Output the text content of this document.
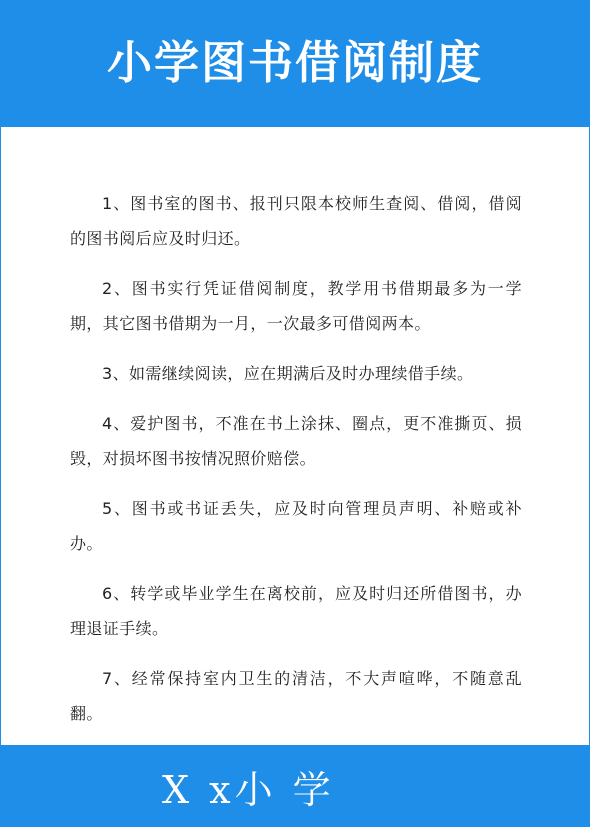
小学图书借阅制度
1、图书室的图书、报刊只限本校师生查阅、借阅，借阅的图书阅后应及时归还。
2、图书实行凭证借阅制度，教学用书借期最多为一学期，其它图书借期为一月，一次最多可借阅两本。
3、如需继续阅读，应在期满后及时办理续借手续。
4、爱护图书，不准在书上涂抹、圈点，更不准撕页、损毁，对损坏图书按情况照价赔偿。
5、图书或书证丢失，应及时向管理员声明、补赔或补办。
6、转学或毕业学生在离校前，应及时归还所借图书，办理退证手续。
7、经常保持室内卫生的清洁，不大声喧哗，不随意乱翻。
X x小 学
